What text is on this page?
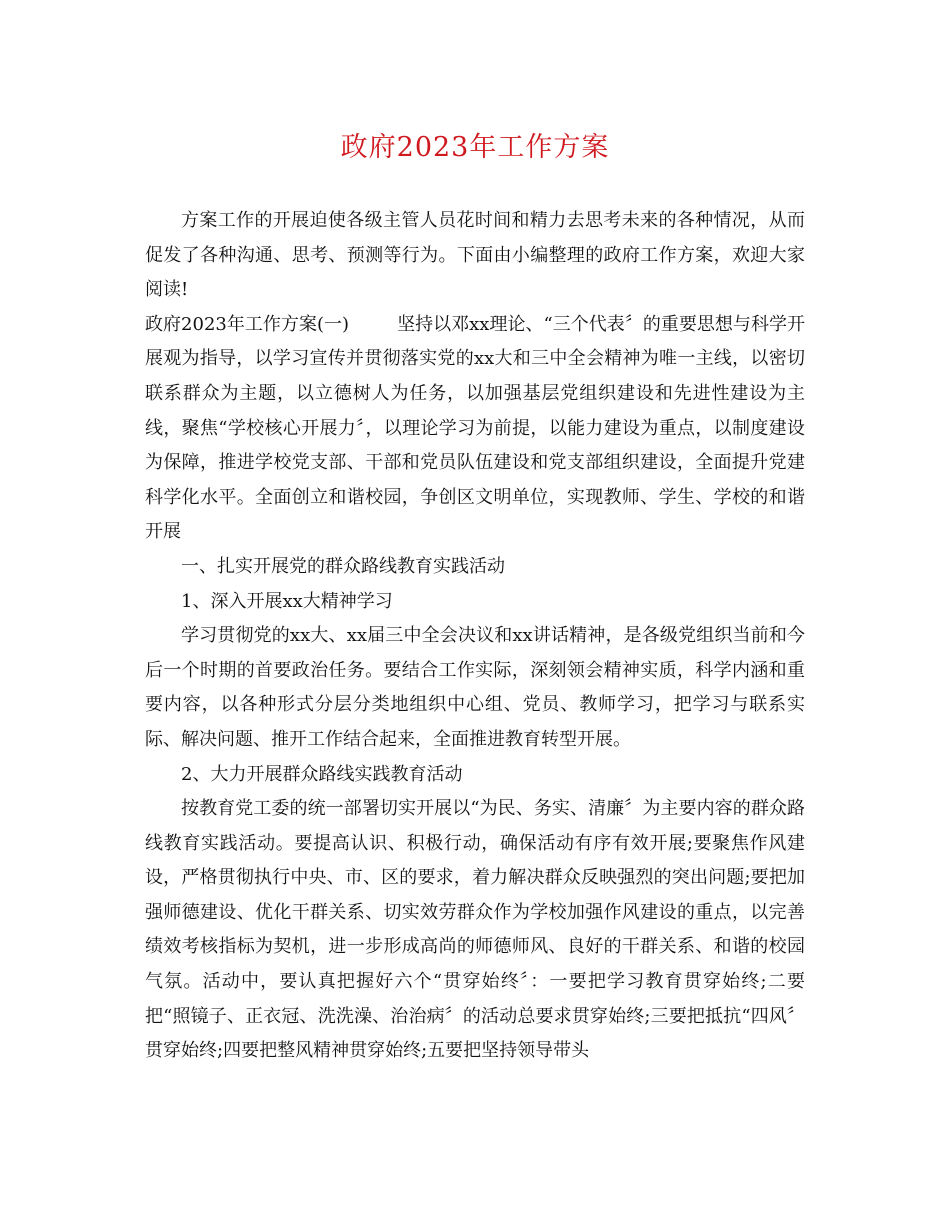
政府2023年工作方案

方案工作的开展迫使各级主管人员花时间和精力去思考未来的各种情况，从而促发了各种沟通、思考、预测等行为。下面由小编整理的政府工作方案，欢迎大家阅读!

政府2023年工作方案(一)	坚持以邓xx理论、“三个代表〞的重要思想与科学开展观为指导，以学习宣传并贯彻落实党的xx大和三中全会精神为唯一主线，以密切联系群众为主题，以立德树人为任务，以加强基层党组织建设和先进性建设为主线，聚焦“学校核心开展力〞，以理论学习为前提，以能力建设为重点，以制度建设为保障，推进学校党支部、干部和党员队伍建设和党支部组织建设，全面提升党建科学化水平。全面创立和谐校园，争创区文明单位，实现教师、学生、学校的和谐开展

一、扎实开展党的群众路线教育实践活动

1、深入开展xx大精神学习

学习贯彻党的xx大、xx届三中全会决议和xx讲话精神，是各级党组织当前和今后一个时期的首要政治任务。要结合工作实际，深刻领会精神实质，科学内涵和重要内容，以各种形式分层分类地组织中心组、党员、教师学习，把学习与联系实际、解决问题、推开工作结合起来，全面推进教育转型开展。

2、大力开展群众路线实践教育活动

按教育党工委的统一部署切实开展以“为民、务实、清廉〞为主要内容的群众路线教育实践活动。要提高认识、积极行动，确保活动有序有效开展;要聚焦作风建设，严格贯彻执行中央、市、区的要求，着力解决群众反映强烈的突出问题;要把加强师德建设、优化干群关系、切实效劳群众作为学校加强作风建设的重点，以完善绩效考核指标为契机，进一步形成高尚的师德师风、良好的干群关系、和谐的校园气氛。活动中，要认真把握好六个“贯穿始终〞：一要把学习教育贯穿始终;二要把“照镜子、正衣冠、洗洗澡、治治病〞的活动总要求贯穿始终;三要把抵抗“四风〞贯穿始终;四要把整风精神贯穿始终;五要把坚持领导带头
